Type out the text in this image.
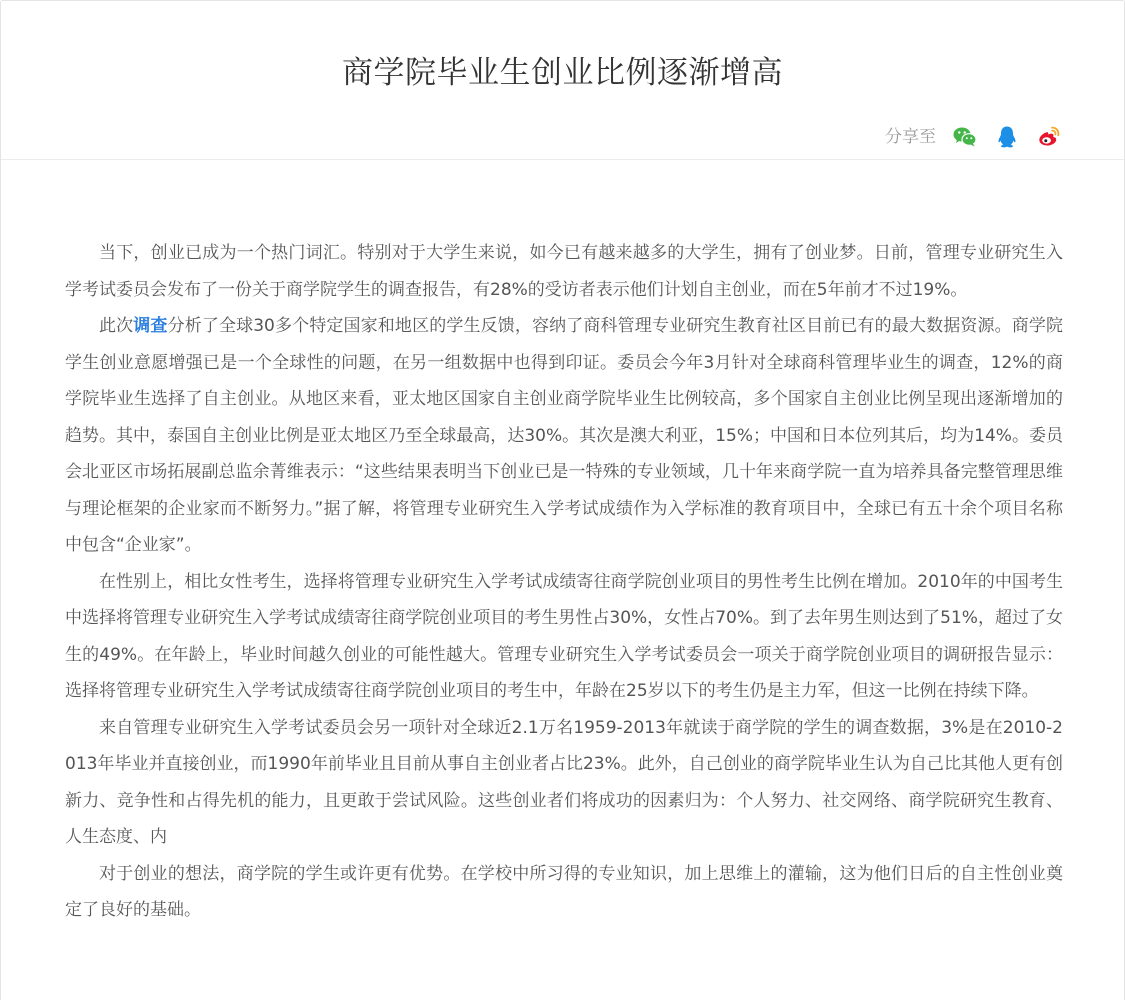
商学院毕业生创业比例逐渐增高
分享至

当下，创业已成为一个热门词汇。特别对于大学生来说，如今已有越来越多的大学生，拥有了创业梦。日前，管理专业研究生入学考试委员会发布了一份关于商学院学生的调查报告，有28%的受访者表示他们计划自主创业，而在5年前才不过19%。

此次调查分析了全球30多个特定国家和地区的学生反馈，容纳了商科管理专业研究生教育社区目前已有的最大数据资源。商学院学生创业意愿增强已是一个全球性的问题，在另一组数据中也得到印证。委员会今年3月针对全球商科管理毕业生的调查，12%的商学院毕业生选择了自主创业。从地区来看，亚太地区国家自主创业商学院毕业生比例较高，多个国家自主创业比例呈现出逐渐增加的趋势。其中，泰国自主创业比例是亚太地区乃至全球最高，达30%。其次是澳大利亚，15%；中国和日本位列其后，均为14%。委员会北亚区市场拓展副总监余菁维表示：“这些结果表明当下创业已是一特殊的专业领域，几十年来商学院一直为培养具备完整管理思维与理论框架的企业家而不断努力。”据了解，将管理专业研究生入学考试成绩作为入学标准的教育项目中，全球已有五十余个项目名称中包含“企业家”。

在性别上，相比女性考生，选择将管理专业研究生入学考试成绩寄往商学院创业项目的男性考生比例在增加。2010年的中国考生中选择将管理专业研究生入学考试成绩寄往商学院创业项目的考生男性占30%，女性占70%。到了去年男生则达到了51%，超过了女生的49%。在年龄上，毕业时间越久创业的可能性越大。管理专业研究生入学考试委员会一项关于商学院创业项目的调研报告显示：选择将管理专业研究生入学考试成绩寄往商学院创业项目的考生中，年龄在25岁以下的考生仍是主力军，但这一比例在持续下降。

来自管理专业研究生入学考试委员会另一项针对全球近2.1万名1959-2013年就读于商学院的学生的调查数据，3%是在2010-2013年毕业并直接创业，而1990年前毕业且目前从事自主创业者占比23%。此外，自己创业的商学院毕业生认为自己比其他人更有创新力、竞争性和占得先机的能力，且更敢于尝试风险。这些创业者们将成功的因素归为：个人努力、社交网络、商学院研究生教育、人生态度、内

对于创业的想法，商学院的学生或许更有优势。在学校中所习得的专业知识，加上思维上的灌输，这为他们日后的自主性创业奠定了良好的基础。
